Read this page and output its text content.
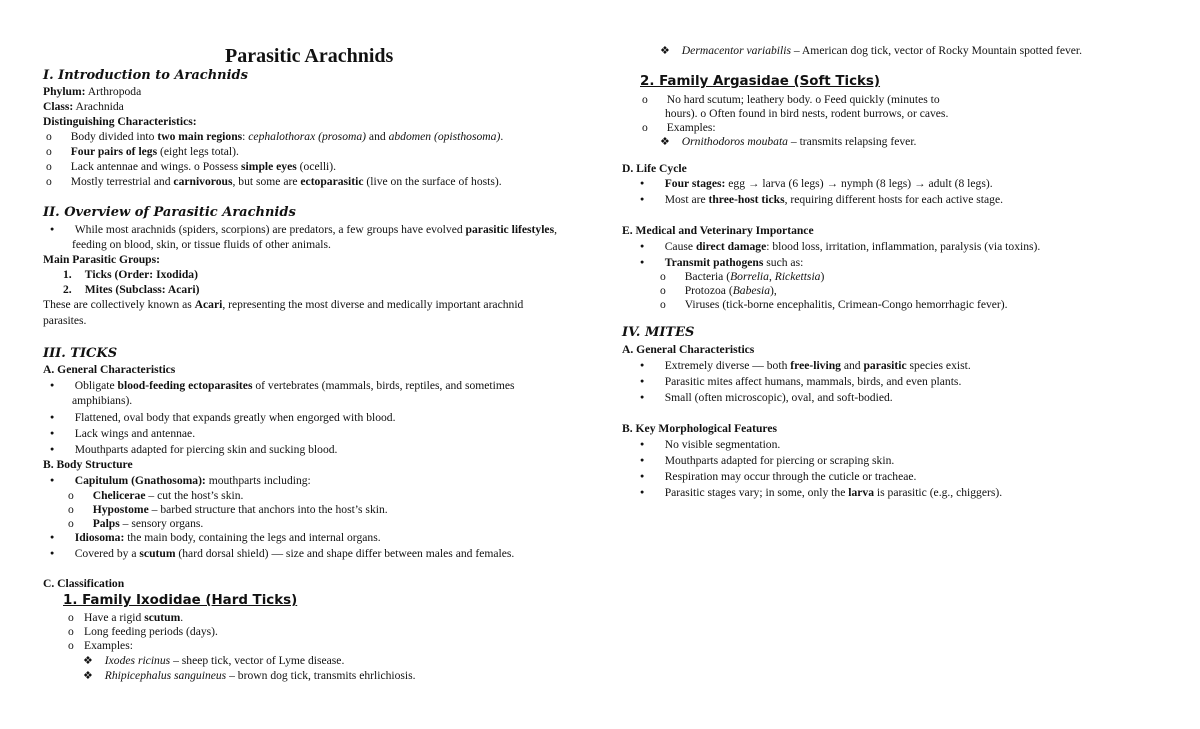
Parasitic Arachnids
I. Introduction to Arachnids
Phylum: Arthropoda
Class: Arachnida
Distinguishing Characteristics:
o   Body divided into two main regions: cephalothorax (prosoma) and abdomen (opisthosoma).
o   Four pairs of legs (eight legs total).
o   Lack antennae and wings. o Possess simple eyes (ocelli).
o   Mostly terrestrial and carnivorous, but some are ectoparasitic (live on the surface of hosts).
II. Overview of Parasitic Arachnids
●   While most arachnids (spiders, scorpions) are predators, a few groups have evolved parasitic lifestyles,
feeding on blood, skin, or tissue fluids of other animals.
Main Parasitic Groups:
1. Ticks (Order: Ixodida)
2. Mites (Subclass: Acari)
These are collectively known as Acari, representing the most diverse and medically important arachnid
parasites.
III. TICKS
A. General Characteristics
●   Obligate blood-feeding ectoparasites of vertebrates (mammals, birds, reptiles, and sometimes
amphibians).
●   Flattened, oval body that expands greatly when engorged with blood.
●   Lack wings and antennae.
●   Mouthparts adapted for piercing skin and sucking blood.
B. Body Structure
●   Capitulum (Gnathosoma): mouthparts including:
o   Chelicerae – cut the host’s skin.
o   Hypostome – barbed structure that anchors into the host’s skin.
o   Palps – sensory organs.
●   Idiosoma: the main body, containing the legs and internal organs.
●   Covered by a scutum (hard dorsal shield) — size and shape differ between males and females.
C. Classification
1. Family Ixodidae (Hard Ticks)
oHave a rigid scutum.
oLong feeding periods (days).
oExamples:
❖  Ixodes ricinus – sheep tick, vector of Lyme disease.
❖  Rhipicephalus sanguineus – brown dog tick, transmits ehrlichiosis.
❖  Dermacentor variabilis – American dog tick, vector of Rocky Mountain spotted fever.
2. Family Argasidae (Soft Ticks)
o   No hard scutum; leathery body. o Feed quickly (minutes to
hours). o Often found in bird nests, rodent burrows, or caves.
o   Examples:
❖  Ornithodoros moubata – transmits relapsing fever.
D. Life Cycle
●   Four stages: egg → larva (6 legs) → nymph (8 legs) → adult (8 legs).
●   Most are three-host ticks, requiring different hosts for each active stage.
E. Medical and Veterinary Importance
●   Cause direct damage: blood loss, irritation, inflammation, paralysis (via toxins).
●   Transmit pathogens such as:
o   Bacteria (Borrelia, Rickettsia)
o   Protozoa (Babesia),
o   Viruses (tick-borne encephalitis, Crimean-Congo hemorrhagic fever).
IV. MITES
A. General Characteristics
●   Extremely diverse — both free-living and parasitic species exist.
●   Parasitic mites affect humans, mammals, birds, and even plants.
●   Small (often microscopic), oval, and soft-bodied.
B. Key Morphological Features
●   No visible segmentation.
●   Mouthparts adapted for piercing or scraping skin.
●   Respiration may occur through the cuticle or tracheae.
●   Parasitic stages vary; in some, only the larva is parasitic (e.g., chiggers).
